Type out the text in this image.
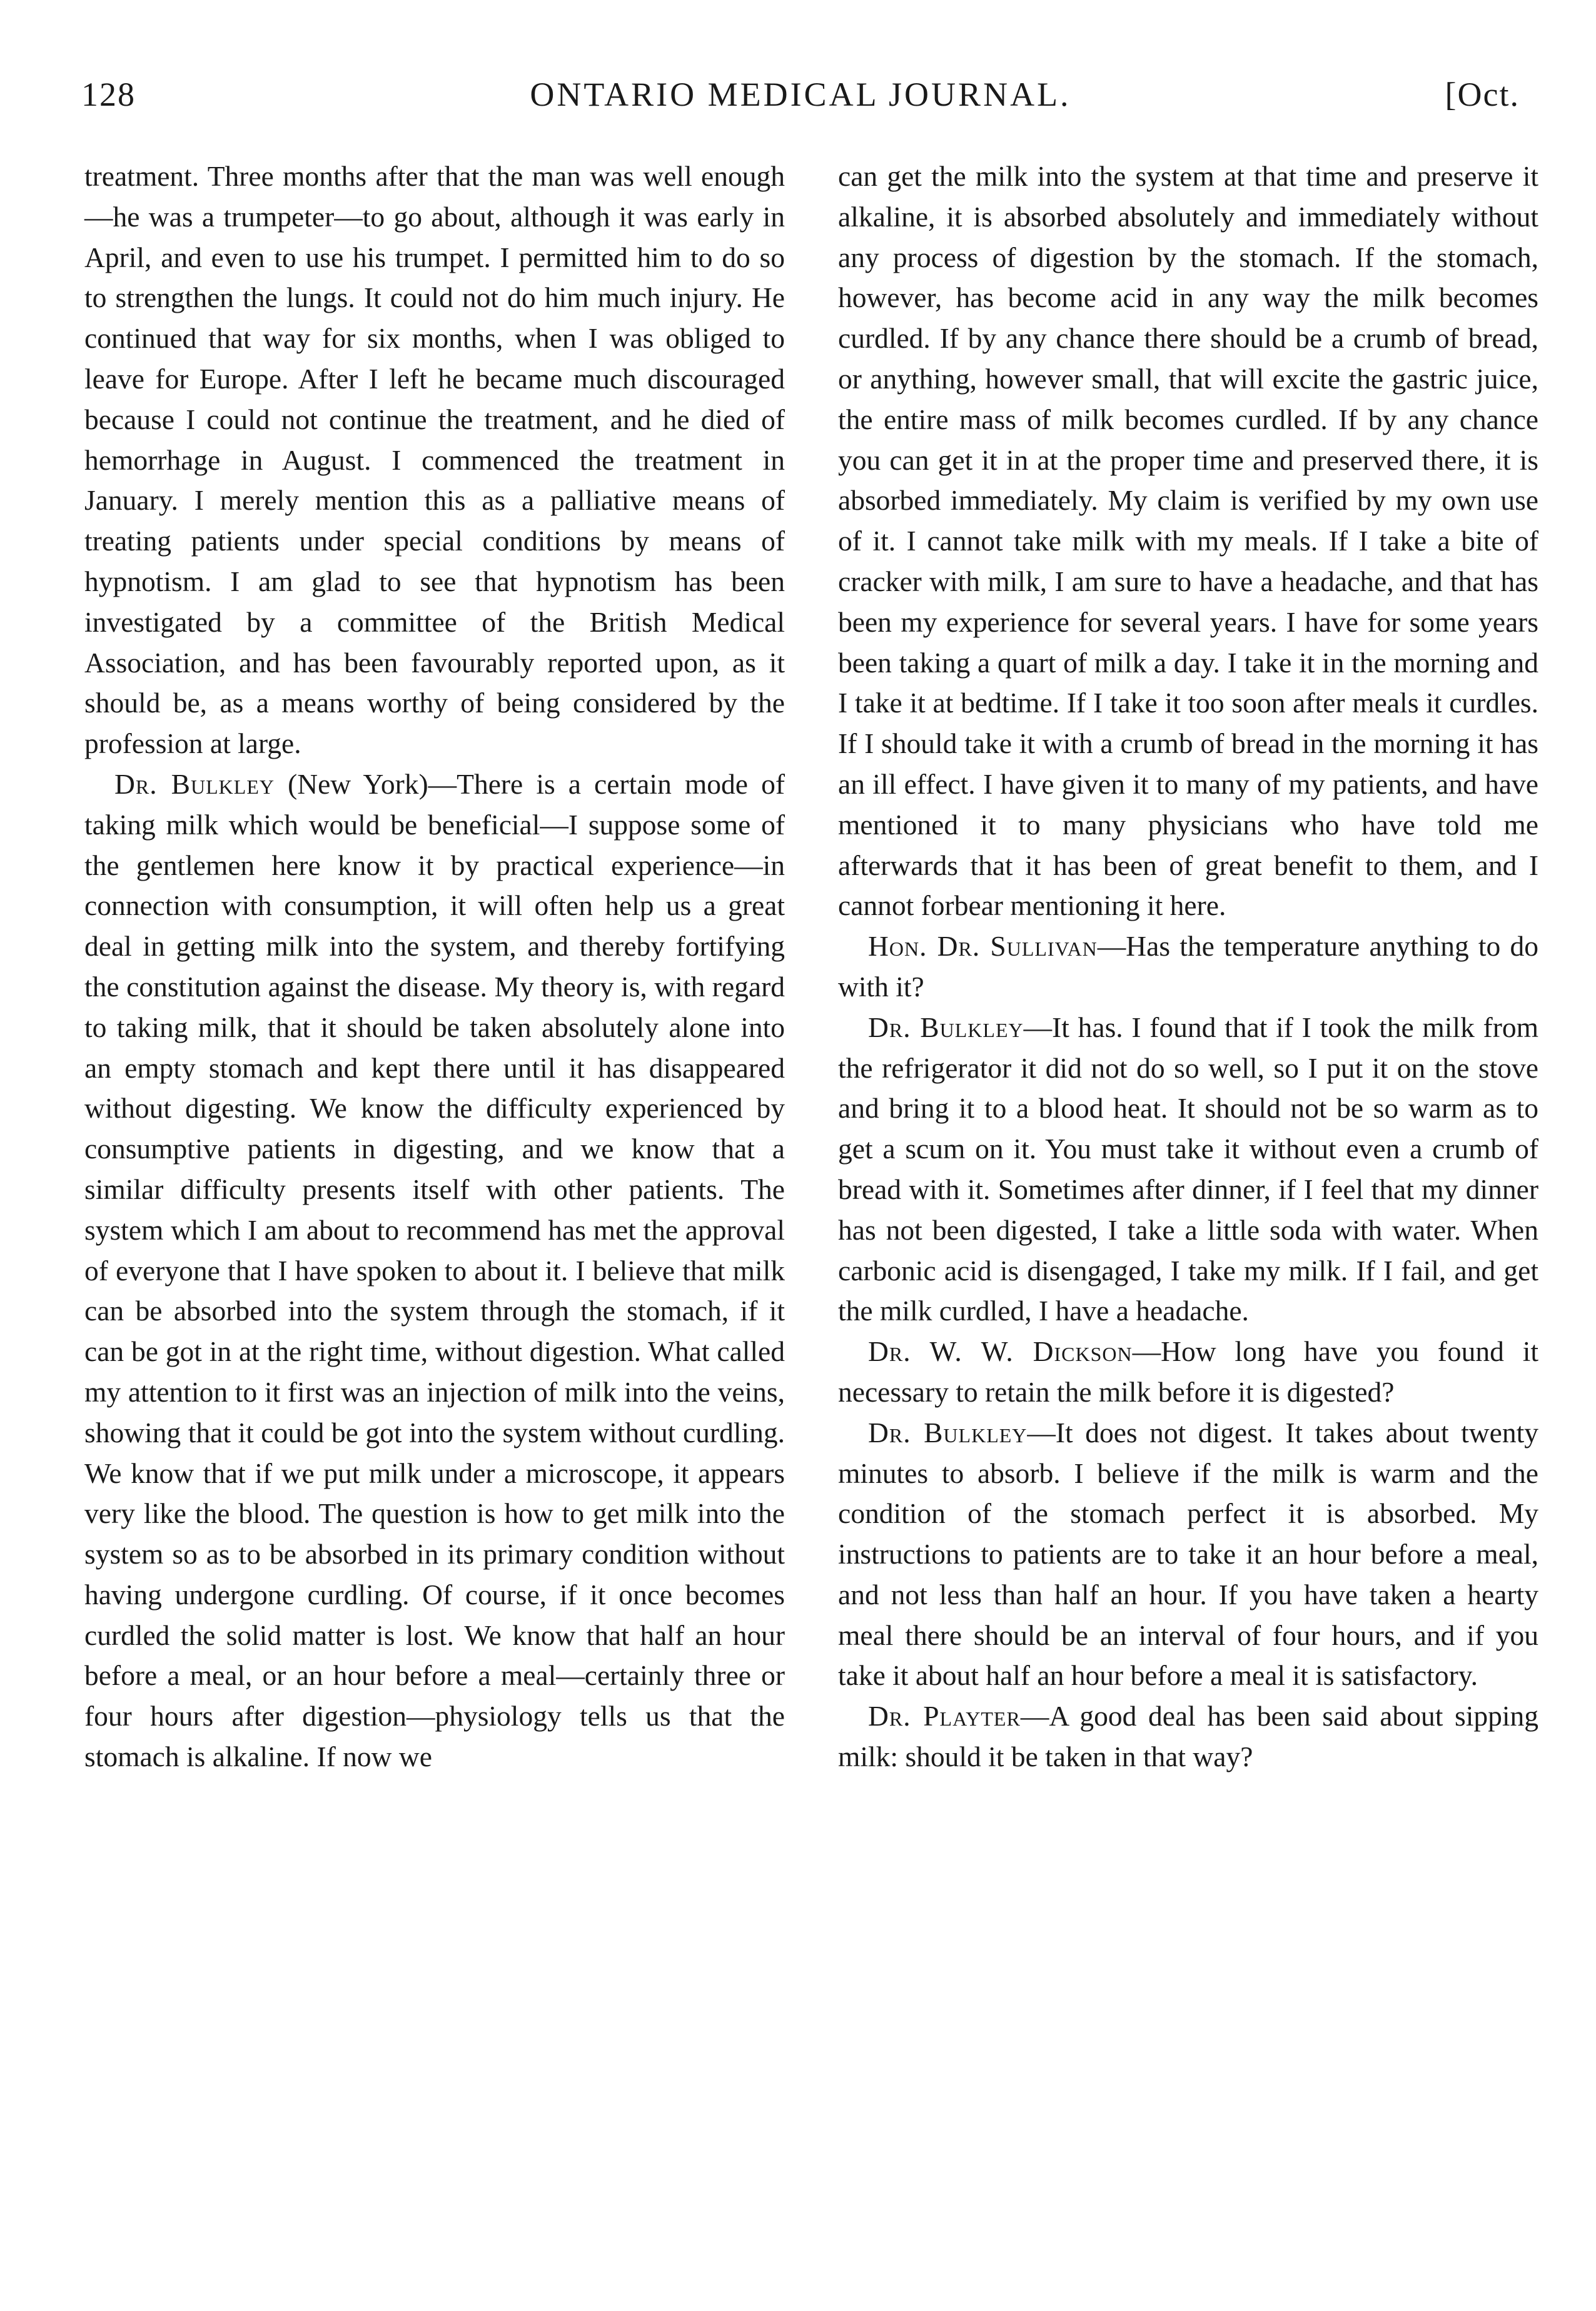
128	ONTARIO MEDICAL JOURNAL.	[Oct.

treatment. Three months after that the man was well enough—he was a trumpeter—to go about, although it was early in April, and even to use his trumpet. I permitted him to do so to strengthen the lungs. It could not do him much injury. He continued that way for six months, when I was obliged to leave for Europe. After I left he became much discouraged because I could not continue the treatment, and he died of hemorrhage in August. I commenced the treatment in January. I merely mention this as a palliative means of treating patients under special conditions by means of hypnotism. I am glad to see that hypnotism has been investigated by a committee of the British Medical Association, and has been favourably reported upon, as it should be, as a means worthy of being considered by the profession at large.

Dr. Bulkley (New York)—There is a certain mode of taking milk which would be beneficial—I suppose some of the gentlemen here know it by practical experience—in connection with consumption, it will often help us a great deal in getting milk into the system, and thereby fortifying the constitution against the disease. My theory is, with regard to taking milk, that it should be taken absolutely alone into an empty stomach and kept there until it has disappeared without digesting. We know the difficulty experienced by consumptive patients in digesting, and we know that a similar difficulty presents itself with other patients. The system which I am about to recommend has met the approval of everyone that I have spoken to about it. I believe that milk can be absorbed into the system through the stomach, if it can be got in at the right time, without digestion. What called my attention to it first was an injection of milk into the veins, showing that it could be got into the system without curdling. We know that if we put milk under a microscope, it appears very like the blood. The question is how to get milk into the system so as to be absorbed in its primary condition without having undergone curdling. Of course, if it once becomes curdled the solid matter is lost. We know that half an hour before a meal, or an hour before a meal—certainly three or four hours after digestion—physiology tells us that the stomach is alkaline. If now we

can get the milk into the system at that time and preserve it alkaline, it is absorbed absolutely and immediately without any process of digestion by the stomach. If the stomach, however, has become acid in any way the milk becomes curdled. If by any chance there should be a crumb of bread, or anything, however small, that will excite the gastric juice, the entire mass of milk becomes curdled. If by any chance you can get it in at the proper time and preserved there, it is absorbed immediately. My claim is verified by my own use of it. I cannot take milk with my meals. If I take a bite of cracker with milk, I am sure to have a headache, and that has been my experience for several years. I have for some years been taking a quart of milk a day. I take it in the morning and I take it at bedtime. If I take it too soon after meals it curdles. If I should take it with a crumb of bread in the morning it has an ill effect. I have given it to many of my patients, and have mentioned it to many physicians who have told me afterwards that it has been of great benefit to them, and I cannot forbear mentioning it here.

Hon. Dr. Sullivan—Has the temperature anything to do with it?

Dr. Bulkley—It has. I found that if I took the milk from the refrigerator it did not do so well, so I put it on the stove and bring it to a blood heat. It should not be so warm as to get a scum on it. You must take it without even a crumb of bread with it. Sometimes after dinner, if I feel that my dinner has not been digested, I take a little soda with water. When carbonic acid is disengaged, I take my milk. If I fail, and get the milk curdled, I have a headache.

Dr. W. W. Dickson—How long have you found it necessary to retain the milk before it is digested?

Dr. Bulkley—It does not digest. It takes about twenty minutes to absorb. I believe if the milk is warm and the condition of the stomach perfect it is absorbed. My instructions to patients are to take it an hour before a meal, and not less than half an hour. If you have taken a hearty meal there should be an interval of four hours, and if you take it about half an hour before a meal it is satisfactory.

Dr. Playter—A good deal has been said about sipping milk: should it be taken in that way?
